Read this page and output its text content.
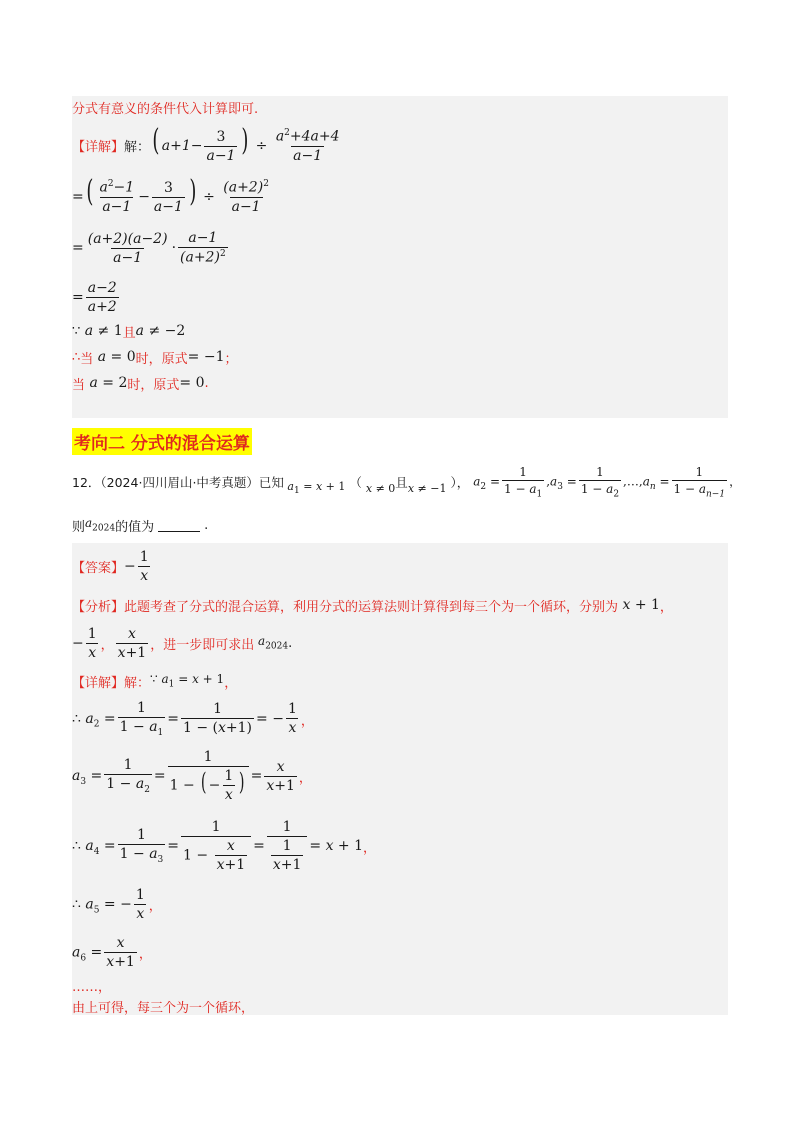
分式有意义的条件代入计算即可.
【详解】 解： ( $a+1- \frac{3}{a-1}$ ) ÷ $\frac{a^2+4a+4}{a-1}$
=( $\frac{a^2-1}{a-1} - \frac{3}{a-1}$ ) ÷ $\frac{(a+2)^2}{a-1}$
= $\frac{(a+2)(a-2)}{a-1} \cdot \frac{a-1}{(a+2)^2}$
= $\frac{a-2}{a+2}$
∵ a ≠ 1 且 a ≠ −2
∴ 当 a = 0 时， 原式 = −1 ；
当 a = 2 时， 原式 = 0 .
考向二 分式的混合运算
12．（2024·四川眉山·中考真题）已知 $a_1 = x + 1$ （ x ≠ 0 且 x ≠ −1 ）， $a_2 = \frac{1}{1 - a_1} ,a_3 = \frac{1}{1 - a_2}$ $,\dots,a_n = \frac{1}{1 - a_{n-1}}$ ，
则 $a_{2024}$ 的值为	.
【答案】 − $\frac{1}{x}$
【分析】 此题考查了分式的混合运算，利用分式的运算法则计算得到每三个为一个循环，分别为 x + 1 ，
− $\frac{1}{x}$ ， $\frac{x}{x+1}$ ，进一步即可求出 $a_{2024}$ .
【详解】 解： ∵ $a_1 = x + 1$ ，
∴ $a_2 = \frac{1}{1 - a_1} = \frac{1}{1 - (x+1)}$ = − $\frac{1}{x}$ ，
$a_3 = \frac{1}{1 - a_2} = \frac{1}{1 - ( - \frac{1}{x} )} = \frac{x}{x+1}$ ，
∴ $a_4 = \frac{1}{1 - a_3} = \frac{1}{1 - \frac{x}{x+1}} = \frac{1}{\frac{1}{x+1}} = x + 1$ ，
∴ $a_5$ = − $\frac{1}{x}$ ，
$a_6 = \frac{x}{x+1}$ ，
……，
由上可得，每三个为一个循环，
